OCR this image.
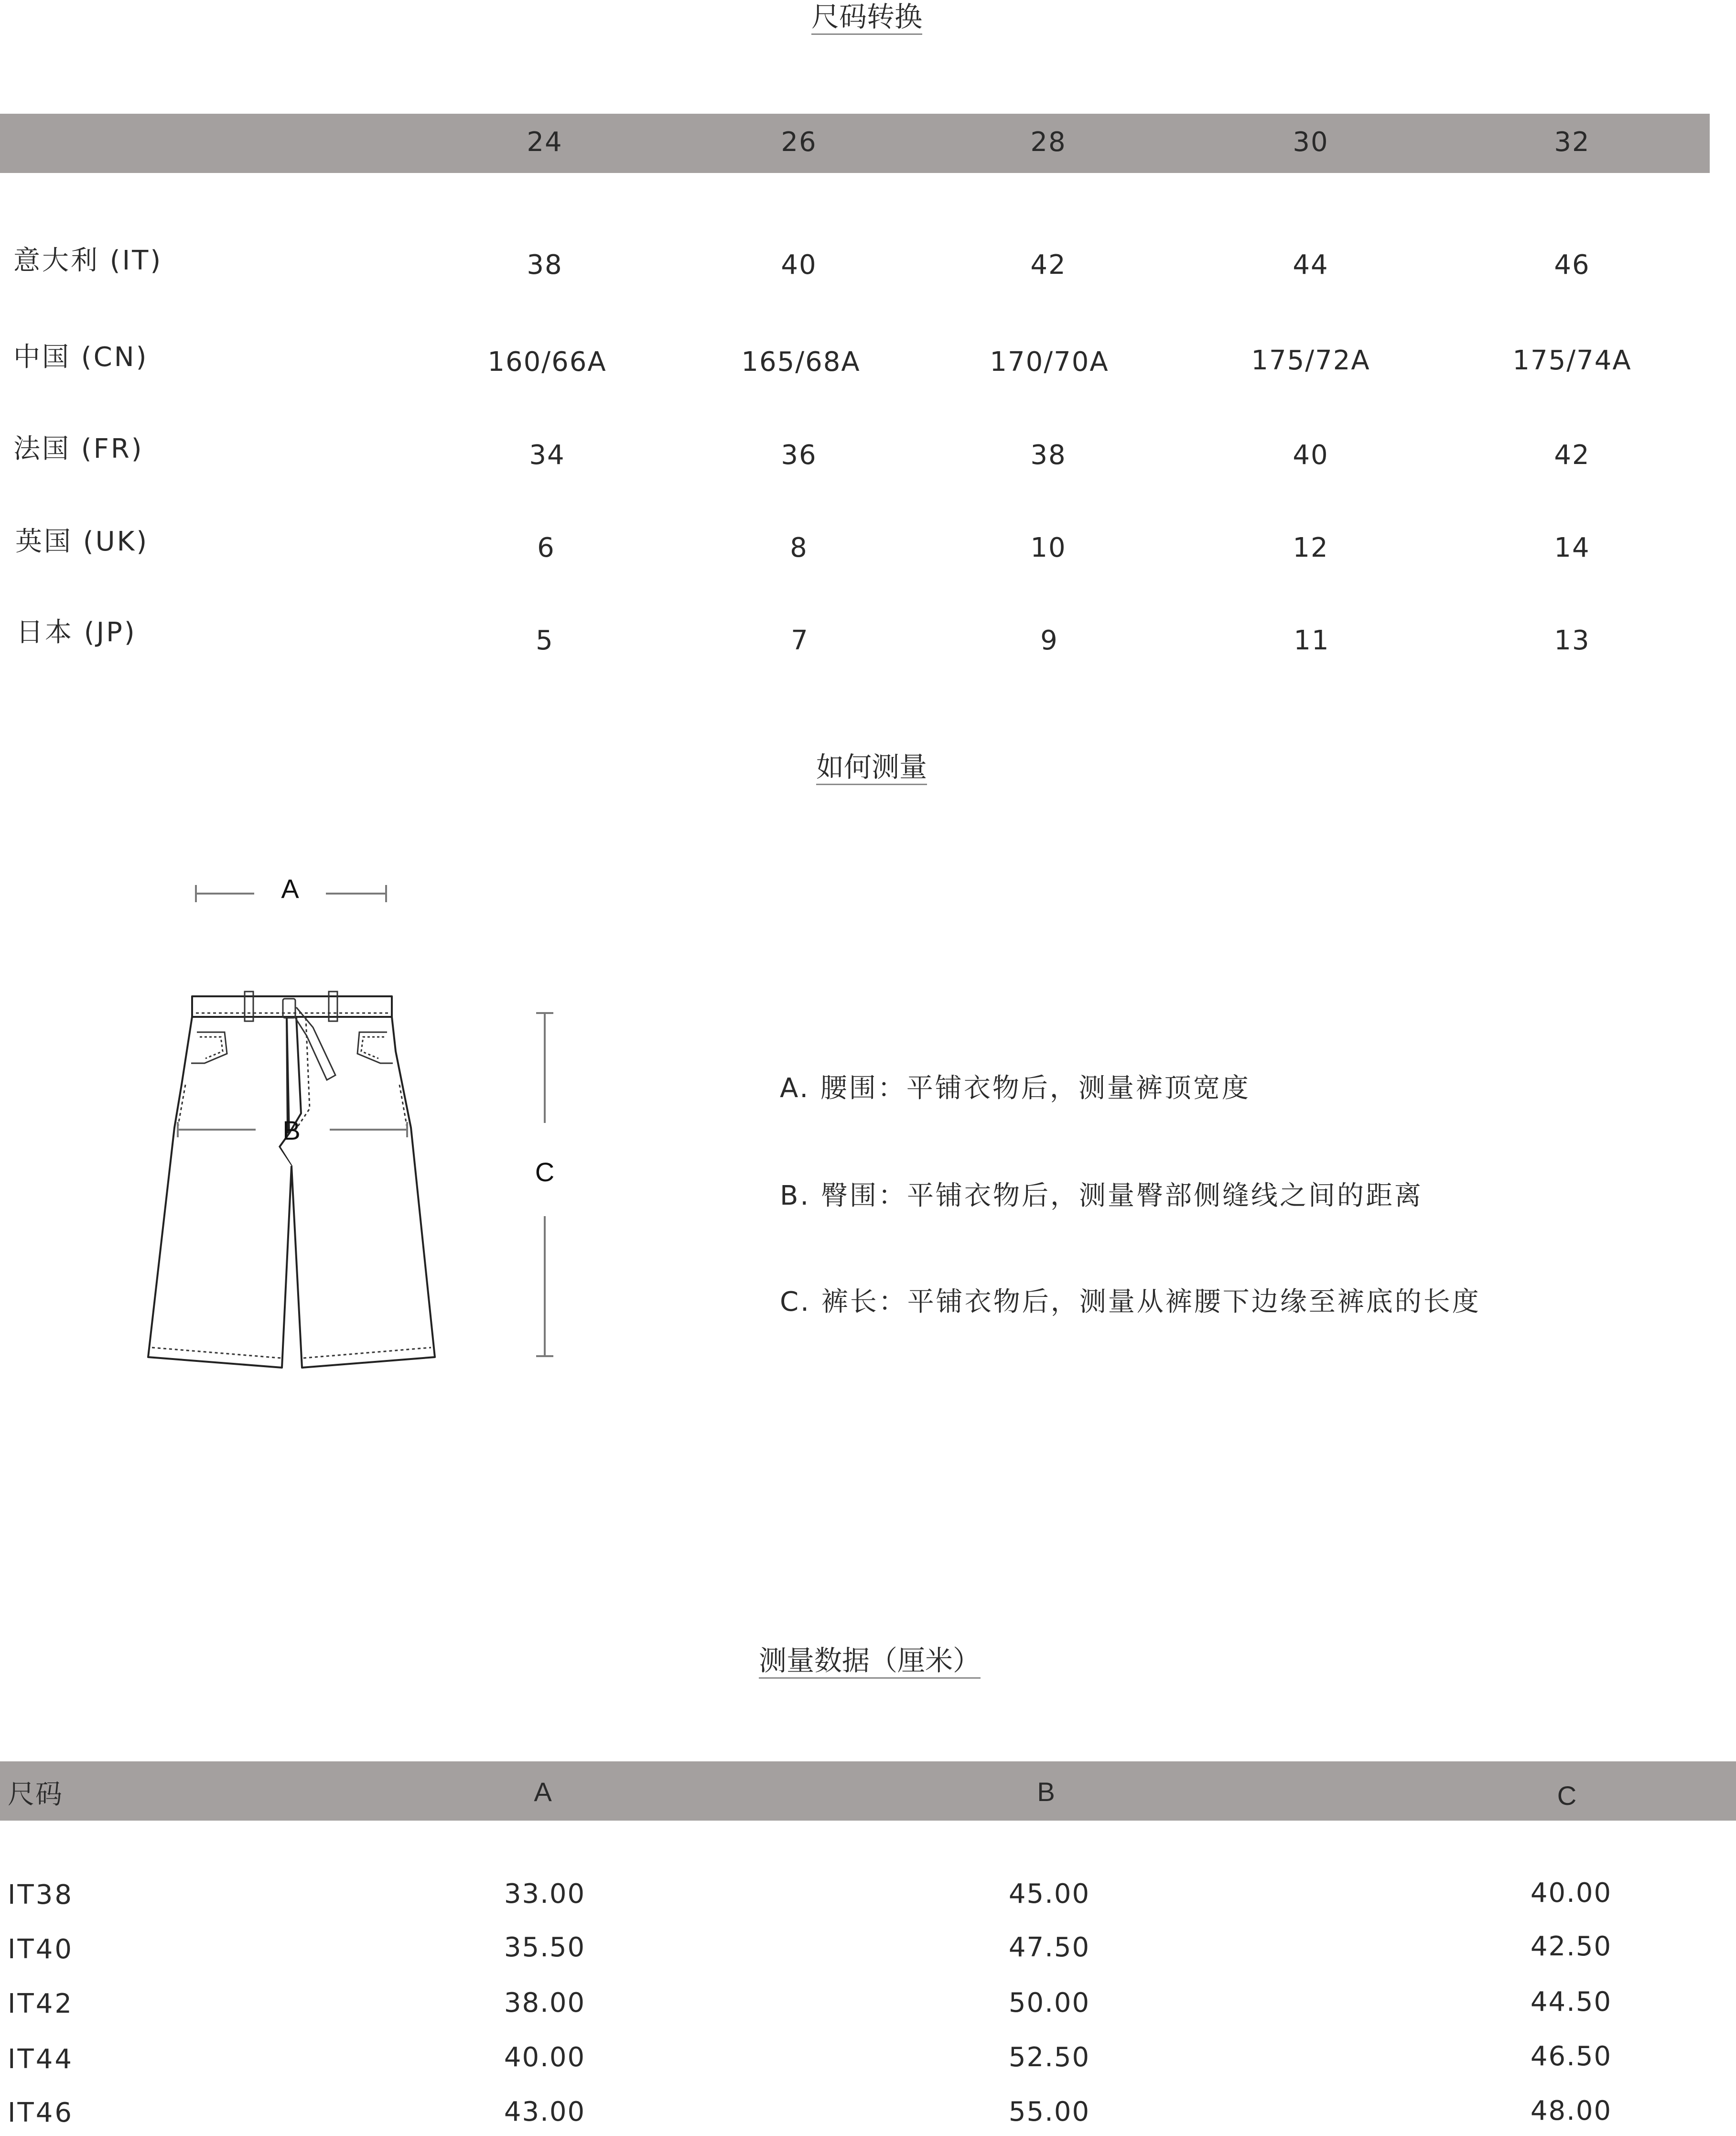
尺码转换
24	26	28	30	32
意大利 (IT)	38	40	42	44	46
中国 (CN)	160/66A	165/68A	170/70A	175/72A	175/74A
法国 (FR)	34	36	38	40	42
英国 (UK)	6	8	10	12	14
日本 (JP)	5	7	9	11	13
如何测量
A
B
C
A. 腰围：平铺衣物后，测量裤顶宽度
B. 臀围：平铺衣物后，测量臀部侧缝线之间的距离
C. 裤长：平铺衣物后，测量从裤腰下边缘至裤底的长度
测量数据（厘米）
尺码	A	B	C
IT38	33.00	45.00	40.00
IT40	35.50	47.50	42.50
IT42	38.00	50.00	44.50
IT44	40.00	52.50	46.50
IT46	43.00	55.00	48.00
